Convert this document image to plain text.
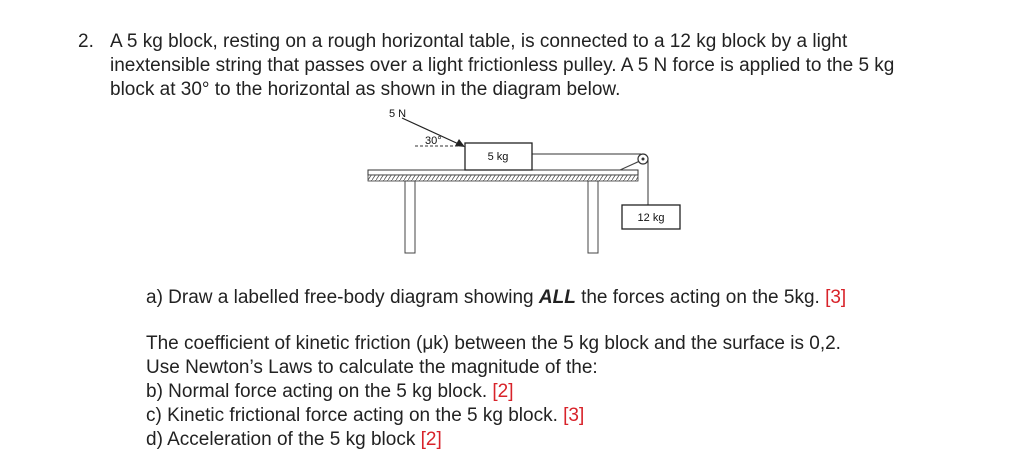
2. A 5 kg block, resting on a rough horizontal table, is connected to a 12 kg block by a light
inextensible string that passes over a light frictionless pulley. A 5 N force is applied to the 5 kg
block at 30° to the horizontal as shown in the diagram below.
5 kg
12 kg
5 N
30°
a) Draw a labelled free-body diagram showing ALL the forces acting on the 5kg. [3]
The coefficient of kinetic friction (μk) between the 5 kg block and the surface is 0,2.
Use Newton’s Laws to calculate the magnitude of the:
b) Normal force acting on the 5 kg block. [2]
c) Kinetic frictional force acting on the 5 kg block. [3]
d) Acceleration of the 5 kg block [2]
